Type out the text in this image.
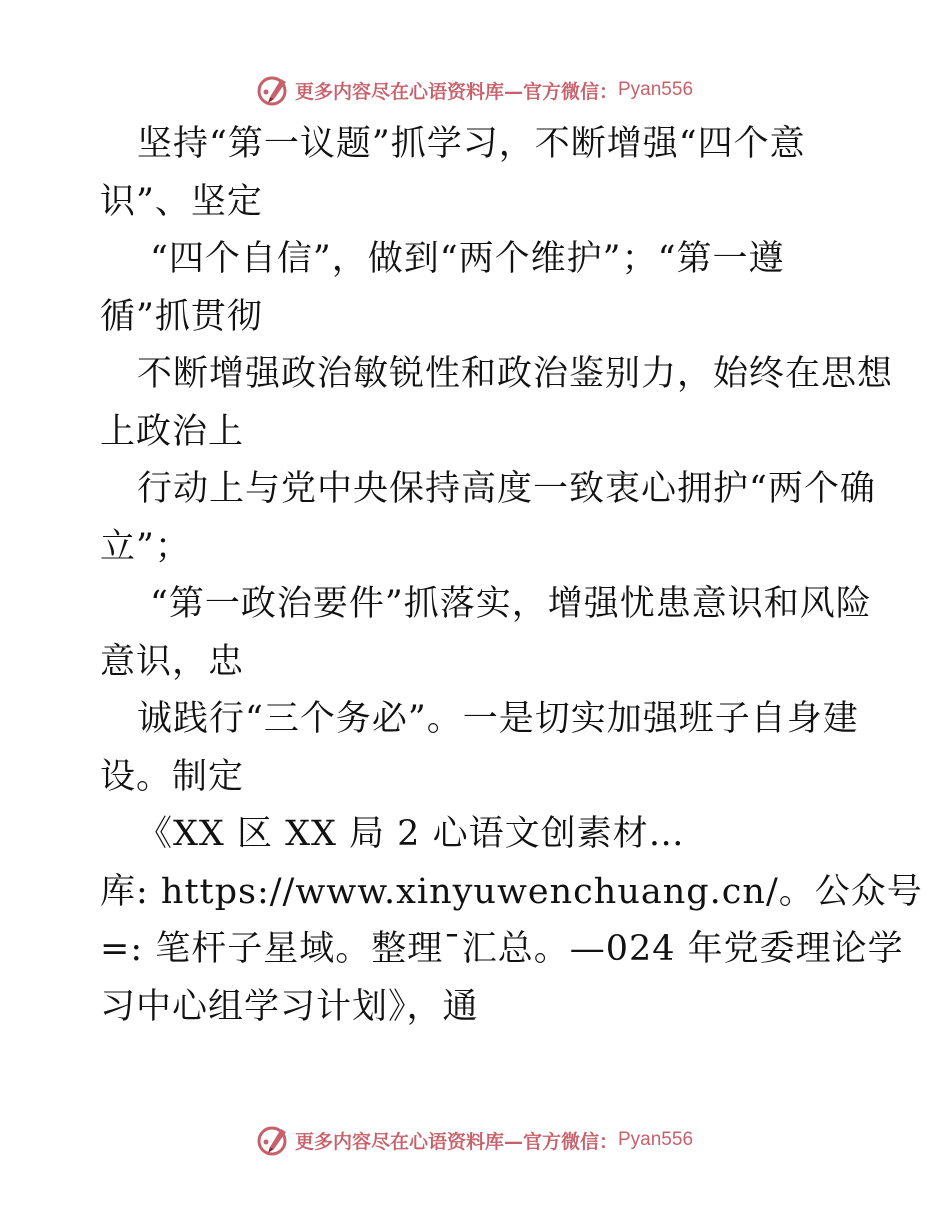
更多内容尽在心语资料库—官方微信： Pyan556
坚持“第一议题”抓学习，不断增强“四个意
识”、坚定
“四个自信”，做到“两个维护”；“第一遵
循”抓贯彻
不断增强政治敏锐性和政治鉴别力，始终在思想
上政治上
行动上与党中央保持高度一致衷心拥护“两个确
立”；
“第一政治要件”抓落实，增强忧患意识和风险
意识，忠
诚践行“三个务必”。一是切实加强班子自身建
设。制定
《XX 区 XX 局 2 心语文创素材…
库: https://www.xinyuwenchuang.cn/。公众号
=: 笔杆子星域。整理¯汇总。—024 年党委理论学
习中心组学习计划》，通
更多内容尽在心语资料库—官方微信： Pyan556
